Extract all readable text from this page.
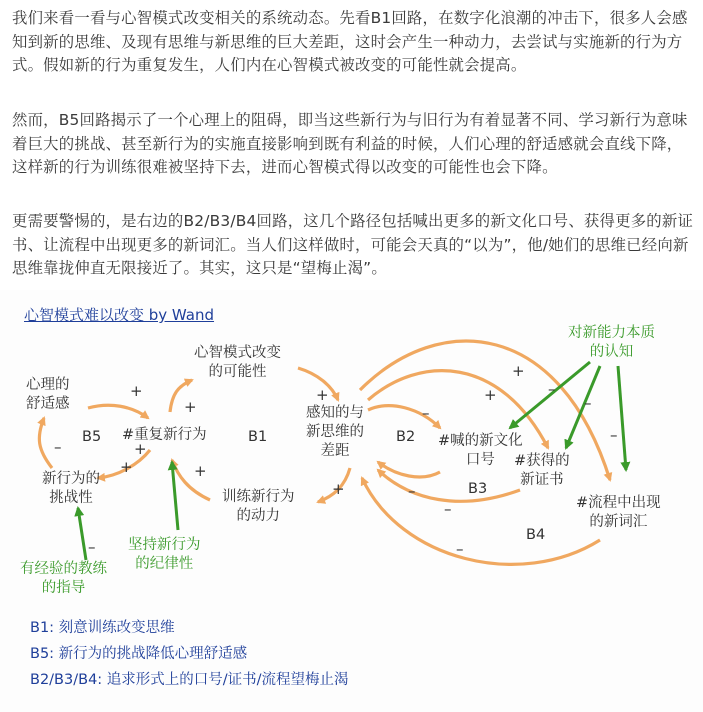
我们来看一看与心智模式改变相关的系统动态。先看B1回路，在数字化浪潮的冲击下，很多人会感知到新的思维、及现有思维与新思维的巨大差距，这时会产生一种动力，去尝试与实施新的行为方式。假如新的行为重复发生，人们内在心智模式被改变的可能性就会提高。

然而，B5回路揭示了一个心理上的阻碍，即当这些新行为与旧行为有着显著不同、学习新行为意味着巨大的挑战、甚至新行为的实施直接影响到既有利益的时候，人们心理的舒适感就会直线下降，这样新的行为训练很难被坚持下去，进而心智模式得以改变的可能性也会下降。

更需要警惕的，是右边的B2/B3/B4回路，这几个路径包括喊出更多的新文化口号、获得更多的新证书、让流程中出现更多的新词汇。当人们这样做时，可能会天真的“以为”，他/她们的思维已经向新思维靠拢伸直无限接近了。其实，这只是“望梅止渴”。

心智模式难以改变 by Wand
心理的
舒适感
#重复新行为
心智模式改变
的可能性
感知的与
新思维的
差距
训练新行为
的动力
新行为的
挑战性
有经验的教练
的指导
坚持新行为
的纪律性
#喊的新文化
口号	#获得的
新证书
#流程中出现
的新词汇
对新能力本质
的认知
B5	B1	B2
B3
B4
+
+
+
–
+
–
+
+
+
–
+
+	–
–
–
–
–
–
B1: 刻意训练改变思维
B5: 新行为的挑战降低心理舒适感
B2/B3/B4: 追求形式上的口号/证书/流程望梅止渴
